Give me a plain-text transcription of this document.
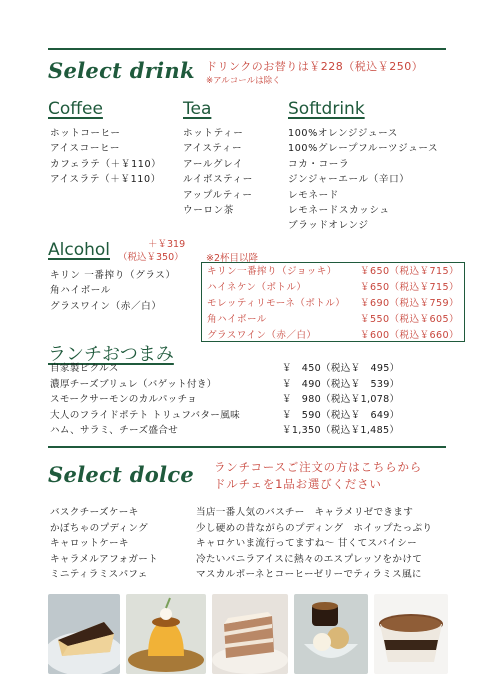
Select drink ドリンクのお替りは￥228（税込￥250）
※アルコールは除く
Coffee
ホットコーヒー
アイスコーヒー
カフェラテ（＋￥110）
アイスラテ（＋￥110）
Tea
ホットティー
アイスティー
アールグレイ
ルイボスティー
アップルティー
ウーロン茶
Softdrink
100%オレンジジュース
100%グレープフルーツジュース
コカ・コーラ
ジンジャーエール（辛口）
レモネード
レモネードスカッシュ
ブラッドオレンジ
Alcohol	＋￥319
（税込￥350）
キリン 一番搾り（グラス）
角ハイボール
グラスワイン（赤／白）
※2杯目以降
キリン一番搾り（ジョッキ） ￥650（税込￥715）
ハイネケン（ボトル）	￥650（税込￥715）
モレッティリモーネ（ボトル） ￥690（税込￥759）
角ハイボール	￥550（税込￥605）
グラスワイン（赤／白）	￥600（税込￥660）
ランチおつまみ
自家製ピクルス	￥　450（税込￥　495）
濃厚チーズブリュレ（バゲット付き）	￥　490（税込￥　539）
スモークサーモンのカルパッチョ	￥　980（税込￥1,078）
大人のフライドポテト トリュフバター風味	￥　590（税込￥　649）
ハム、サラミ、チーズ盛合せ	￥1,350（税込￥1,485）
Select dolce ランチコースご注文の方はこちらから
ドルチェを1品お選びください
バスクチーズケーキ	当店一番人気のバスチー　キャラメリゼできます
かぼちゃのプディング	少し硬めの昔ながらのプディング　ホイップたっぷり
キャロットケーキ	キャロケいま流行ってますね～ 甘くてスパイシー
キャラメルアフォガート	冷たいバニラアイスに熱々のエスプレッソをかけて
ミニティラミスパフェ	マスカルポーネとコーヒーゼリーでティラミス風に
